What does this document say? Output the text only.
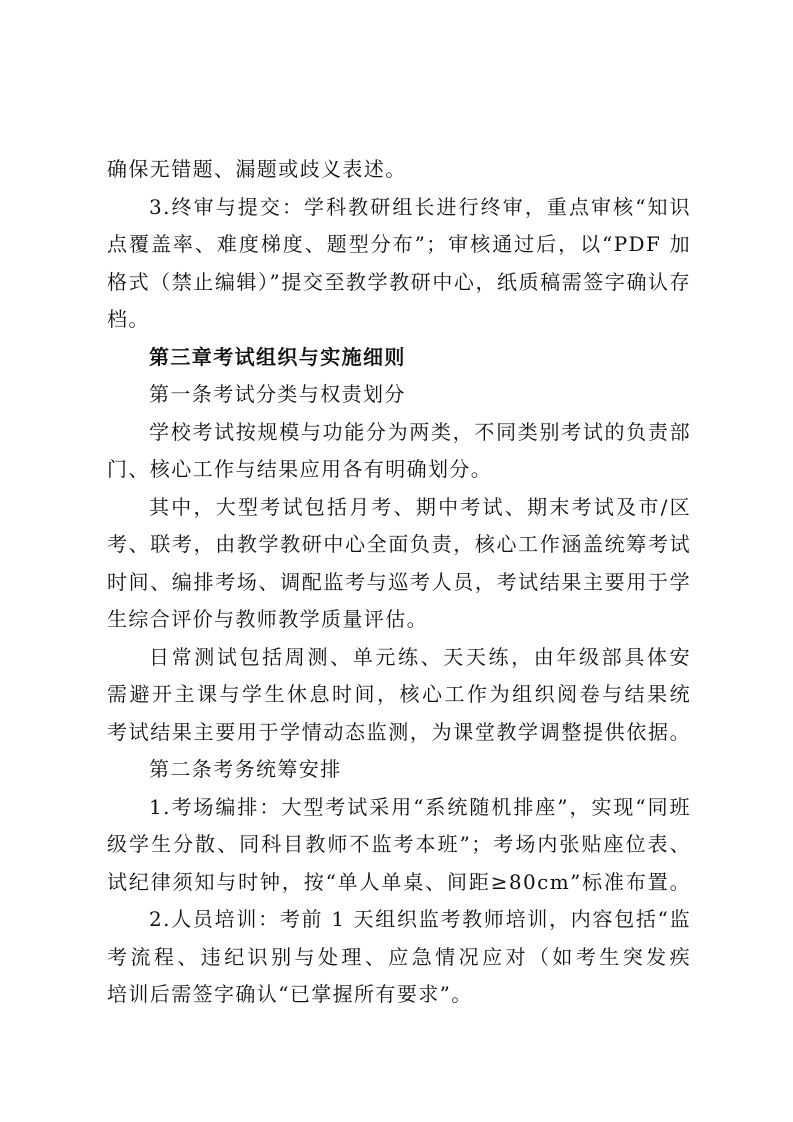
确保无错题、漏题或歧义表述。
3.终审与提交：学科教研组长进行终审，重点审核“知识
点覆盖率、难度梯度、题型分布”；审核通过后，以“PDF 加
格式（禁止编辑）”提交至教学教研中心，纸质稿需签字确认存
档。
第三章考试组织与实施细则
第一条考试分类与权责划分
学校考试按规模与功能分为两类，不同类别考试的负责部
门、核心工作与结果应用各有明确划分。
其中，大型考试包括月考、期中考试、期末考试及市/区
考、联考，由教学教研中心全面负责，核心工作涵盖统筹考试
时间、编排考场、调配监考与巡考人员，考试结果主要用于学
生综合评价与教师教学质量评估。
日常测试包括周测、单元练、天天练，由年级部具体安
需避开主课与学生休息时间，核心工作为组织阅卷与结果统
考试结果主要用于学情动态监测，为课堂教学调整提供依据。
第二条考务统筹安排
1.考场编排：大型考试采用“系统随机排座”，实现“同班
级学生分散、同科目教师不监考本班”；考场内张贴座位表、
试纪律须知与时钟，按“单人单桌、间距≥80cm”标准布置。
2.人员培训：考前 1 天组织监考教师培训，内容包括“监
考流程、违纪识别与处理、应急情况应对（如考生突发疾
培训后需签字确认“已掌握所有要求”。
